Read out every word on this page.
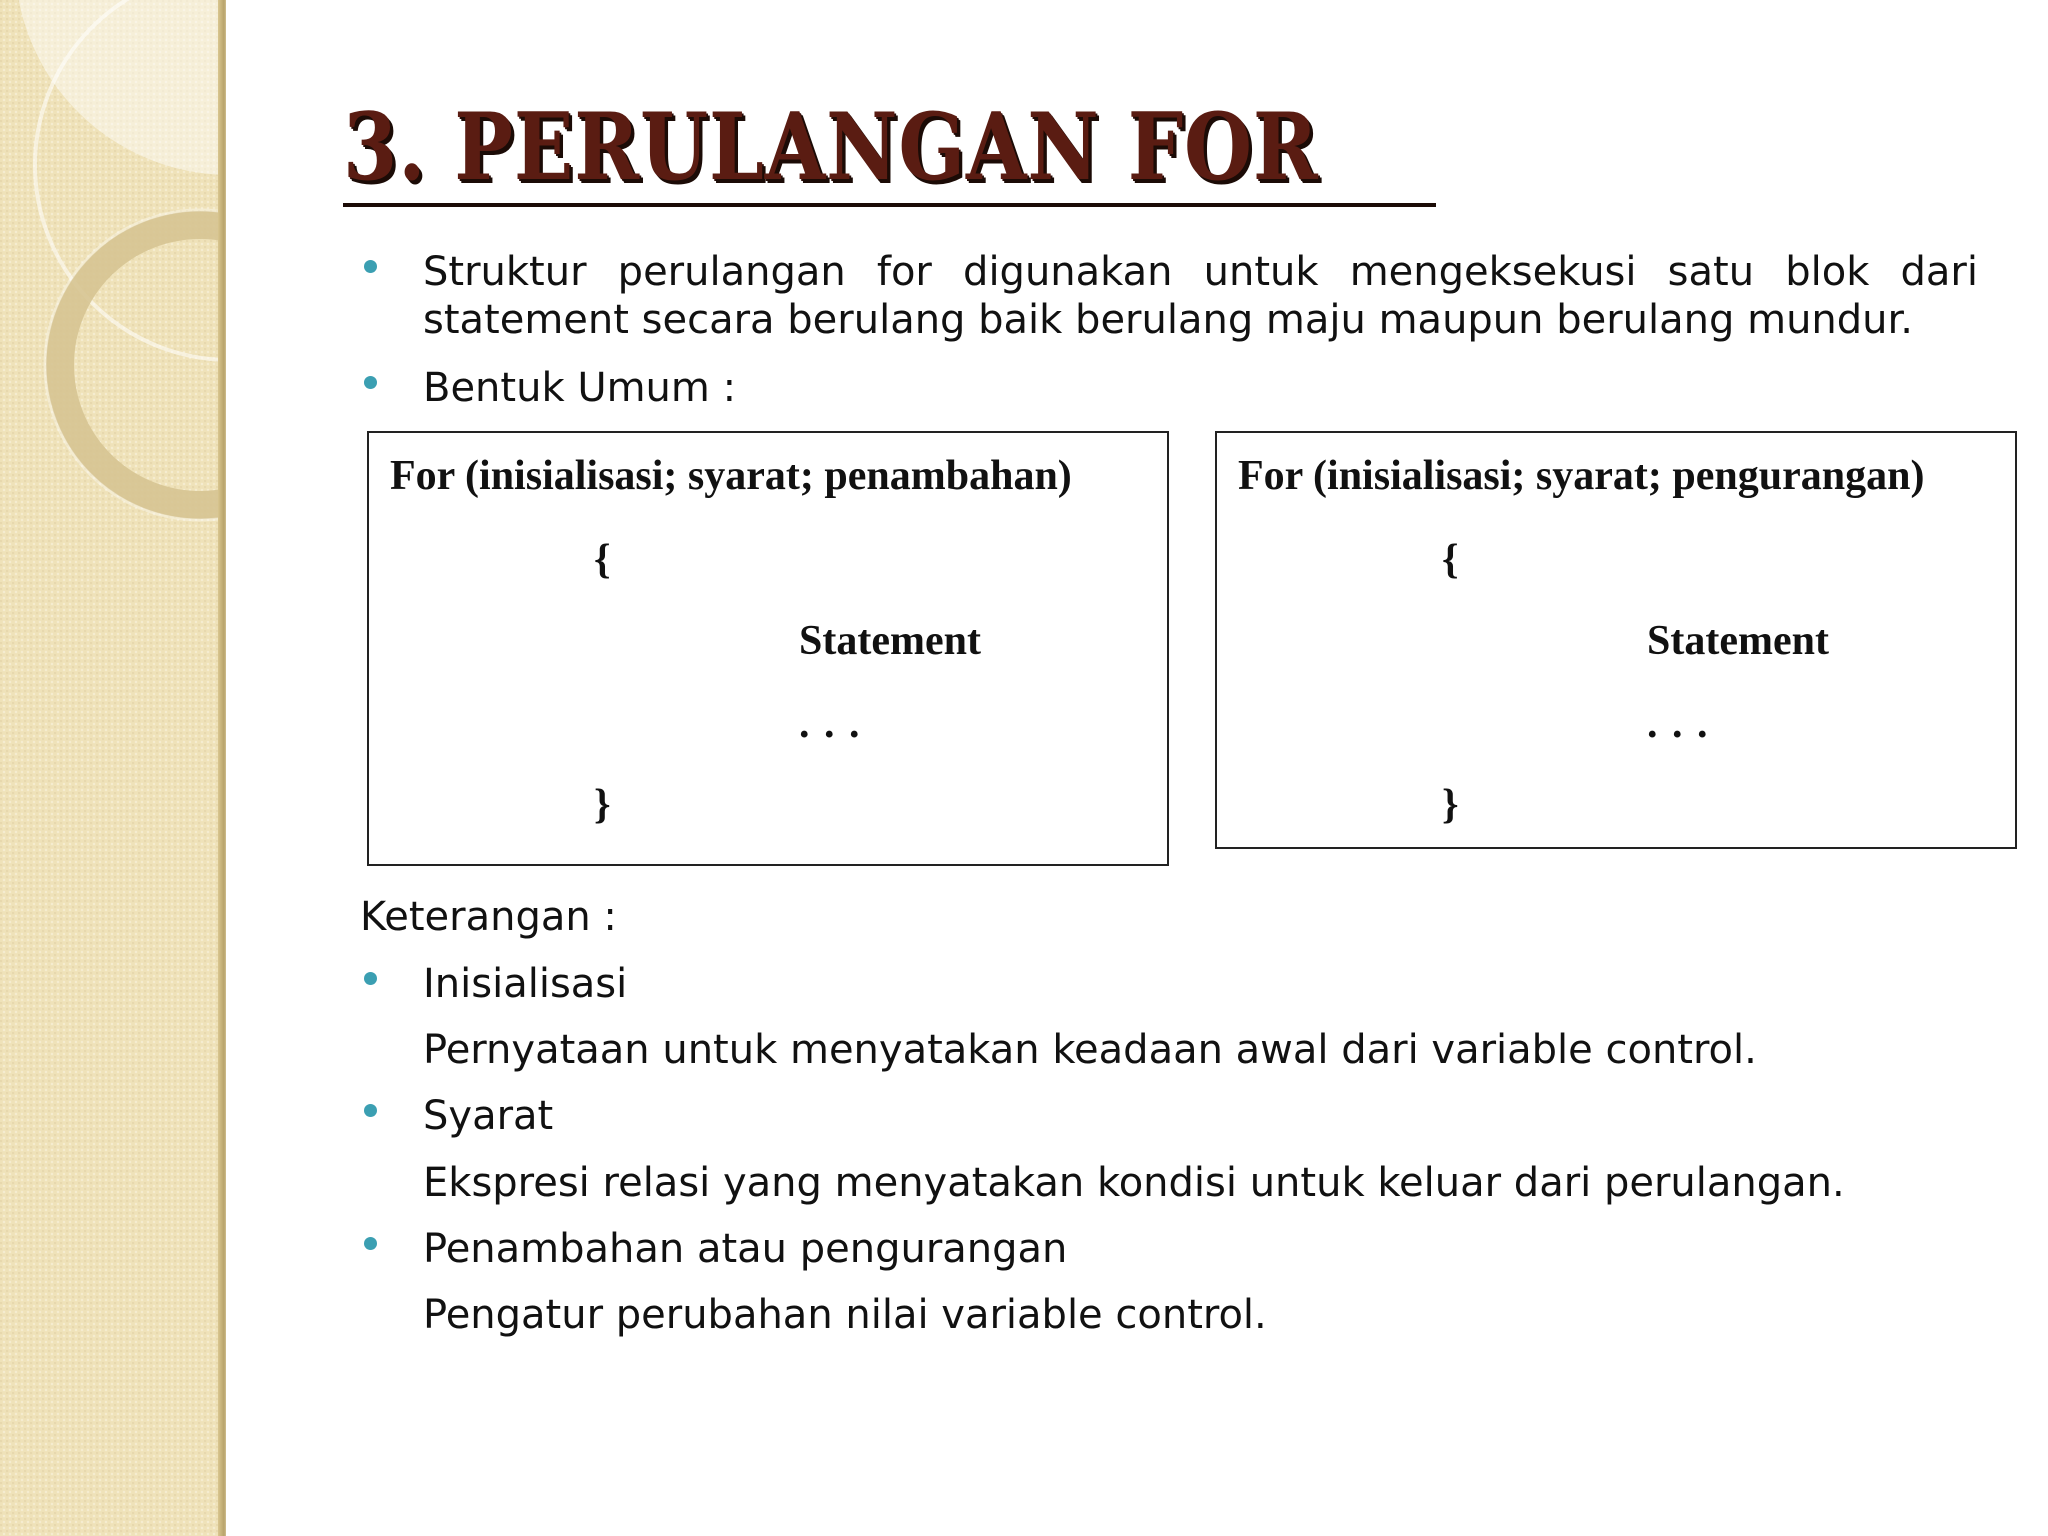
3. PERULANGAN FOR
Struktur perulangan for digunakan untuk mengeksekusi satu blok dari statement secara berulang baik berulang maju maupun berulang mundur.
Bentuk Umum :
For (inisialisasi; syarat; penambahan)
{
Statement
. . .
}
For (inisialisasi; syarat; pengurangan)
{
Statement
. . .
}
Keterangan :
Inisialisasi
Pernyataan untuk menyatakan keadaan awal dari variable control.
Syarat
Ekspresi relasi yang menyatakan kondisi untuk keluar dari perulangan.
Penambahan atau pengurangan
Pengatur perubahan nilai variable control.
